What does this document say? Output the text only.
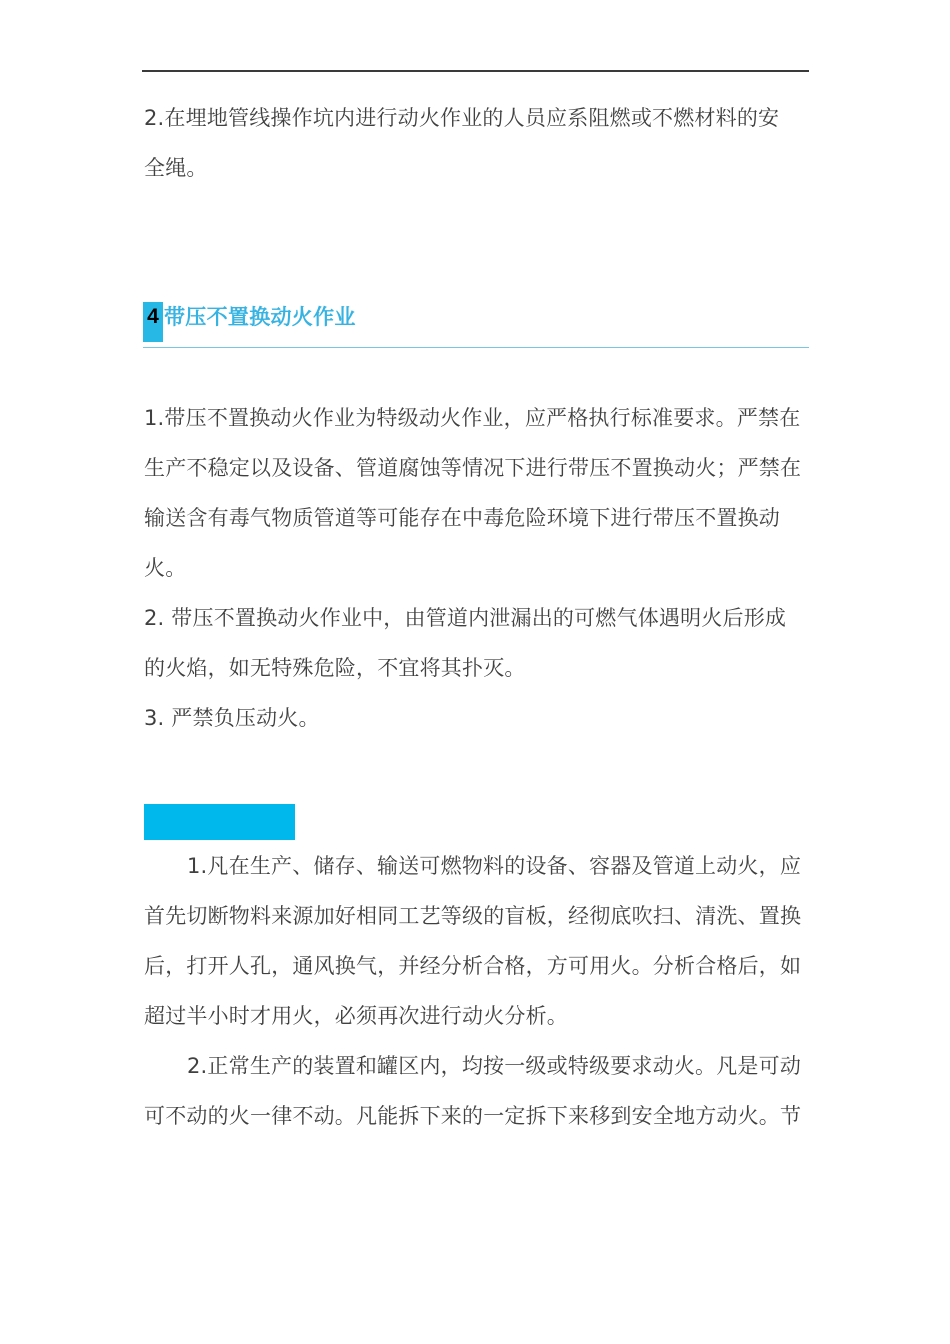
2.在埋地管线操作坑内进行动火作业的人员应系阻燃或不燃材料的安
全绳。

4 带压不置换动火作业

1.带压不置换动火作业为特级动火作业，应严格执行标准要求。严禁在
生产不稳定以及设备、管道腐蚀等情况下进行带压不置换动火；严禁在
输送含有毒气物质管道等可能存在中毒危险环境下进行带压不置换动
火。

2. 带压不置换动火作业中，由管道内泄漏出的可燃气体遇明火后形成
的火焰，如无特殊危险，不宜将其扑灭。

3. 严禁负压动火。

1.凡在生产、储存、输送可燃物料的设备、容器及管道上动火，应
首先切断物料来源加好相同工艺等级的盲板，经彻底吹扫、清洗、置换
后，打开人孔，通风换气，并经分析合格，方可用火。分析合格后，如
超过半小时才用火，必须再次进行动火分析。

2.正常生产的装置和罐区内，均按一级或特级要求动火。凡是可动
可不动的火一律不动。凡能拆下来的一定拆下来移到安全地方动火。节
